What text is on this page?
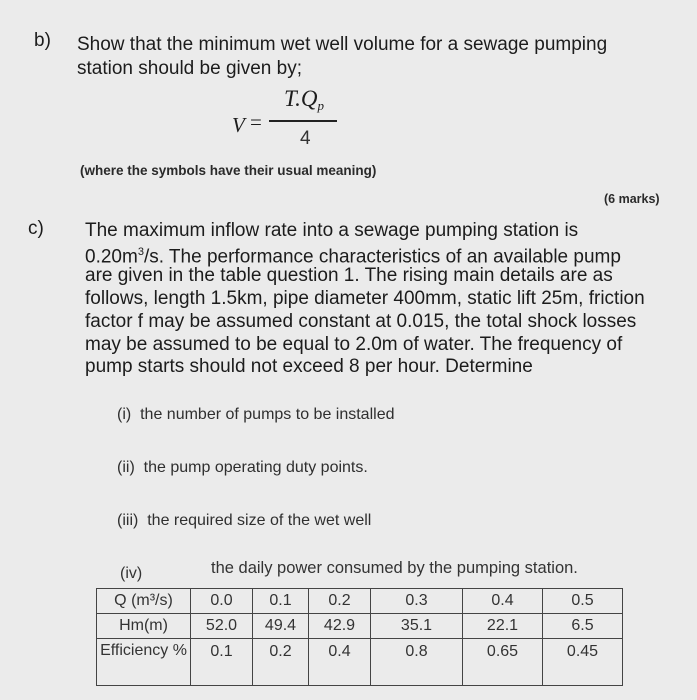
b) Show that the minimum wet well volume for a sewage pumping
station should be given by;
V =
T.Qp
4
(where the symbols have their usual meaning)
(6 marks)
c) The maximum inflow rate into a sewage pumping station is
$0.20m^3/s$. The performance characteristics of an available pump
are given in the table question 1. The rising main details are as
follows, length 1.5km, pipe diameter 400mm, static lift 25m, friction
factor f may be assumed constant at 0.015, the total shock losses
may be assumed to be equal to 2.0m of water. The frequency of
pump starts should not exceed 8 per hour. Determine
(i) the number of pumps to be installed
(ii) the pump operating duty points.
(iii) the required size of the wet well
(iv)	the daily power consumed by the pumping station.
Q (m³/s)	0.0	0.1	0.2	0.3	0.4	0.5
Hm(m)	52.0	49.4	42.9	35.1	22.1	6.5
Efficiency %	0.1	0.2	0.4	0.8	0.65	0.45
